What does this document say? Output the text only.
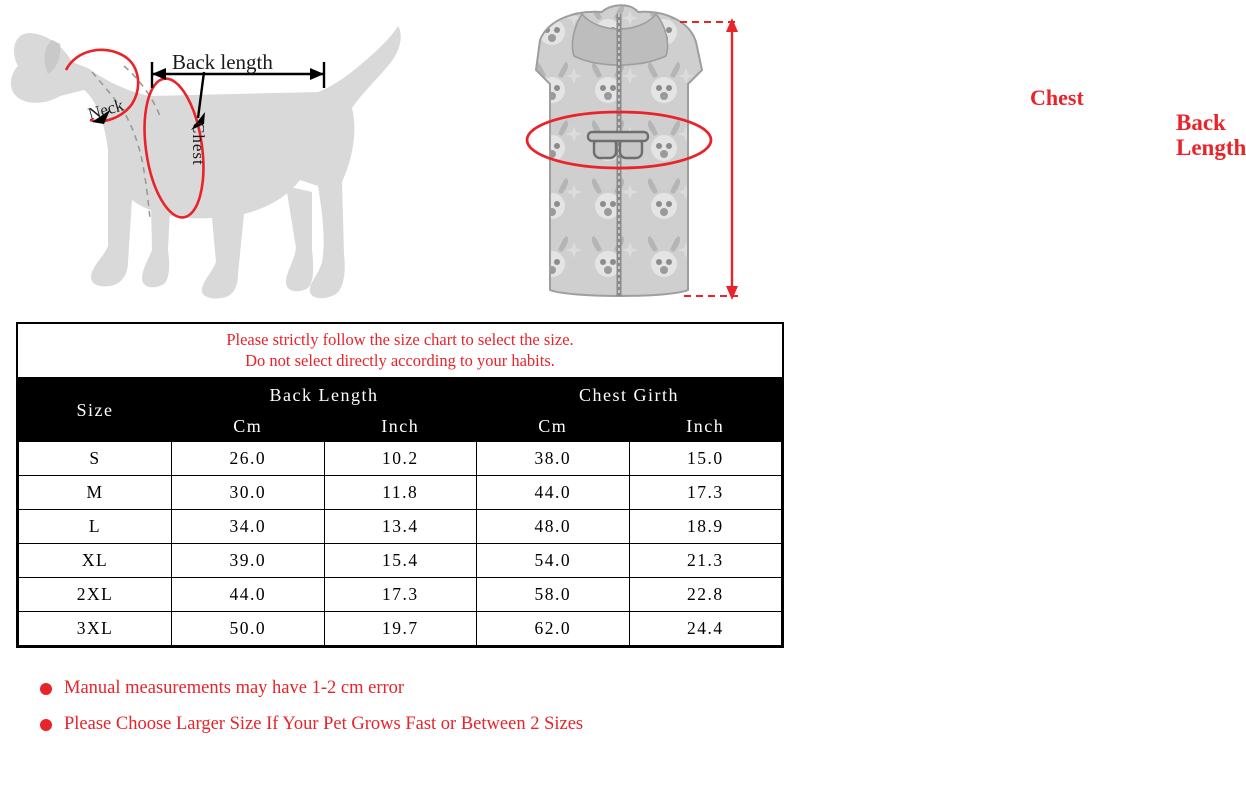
Back length
Neck
Chest
Chest
Back
Length
Please strictly follow the size chart to select the size.
Do not select directly according to your habits.
Size	Back Length		Chest Girth	
	Cm	Inch	Cm	Inch
S	26.0	10.2	38.0	15.0
M	30.0	11.8	44.0	17.3
L	34.0	13.4	48.0	18.9
XL	39.0	15.4	54.0	21.3
2XL	44.0	17.3	58.0	22.8
3XL	50.0	19.7	62.0	24.4
Manual measurements may have 1-2 cm error
Please Choose Larger Size If Your Pet Grows Fast or Between 2 Sizes
